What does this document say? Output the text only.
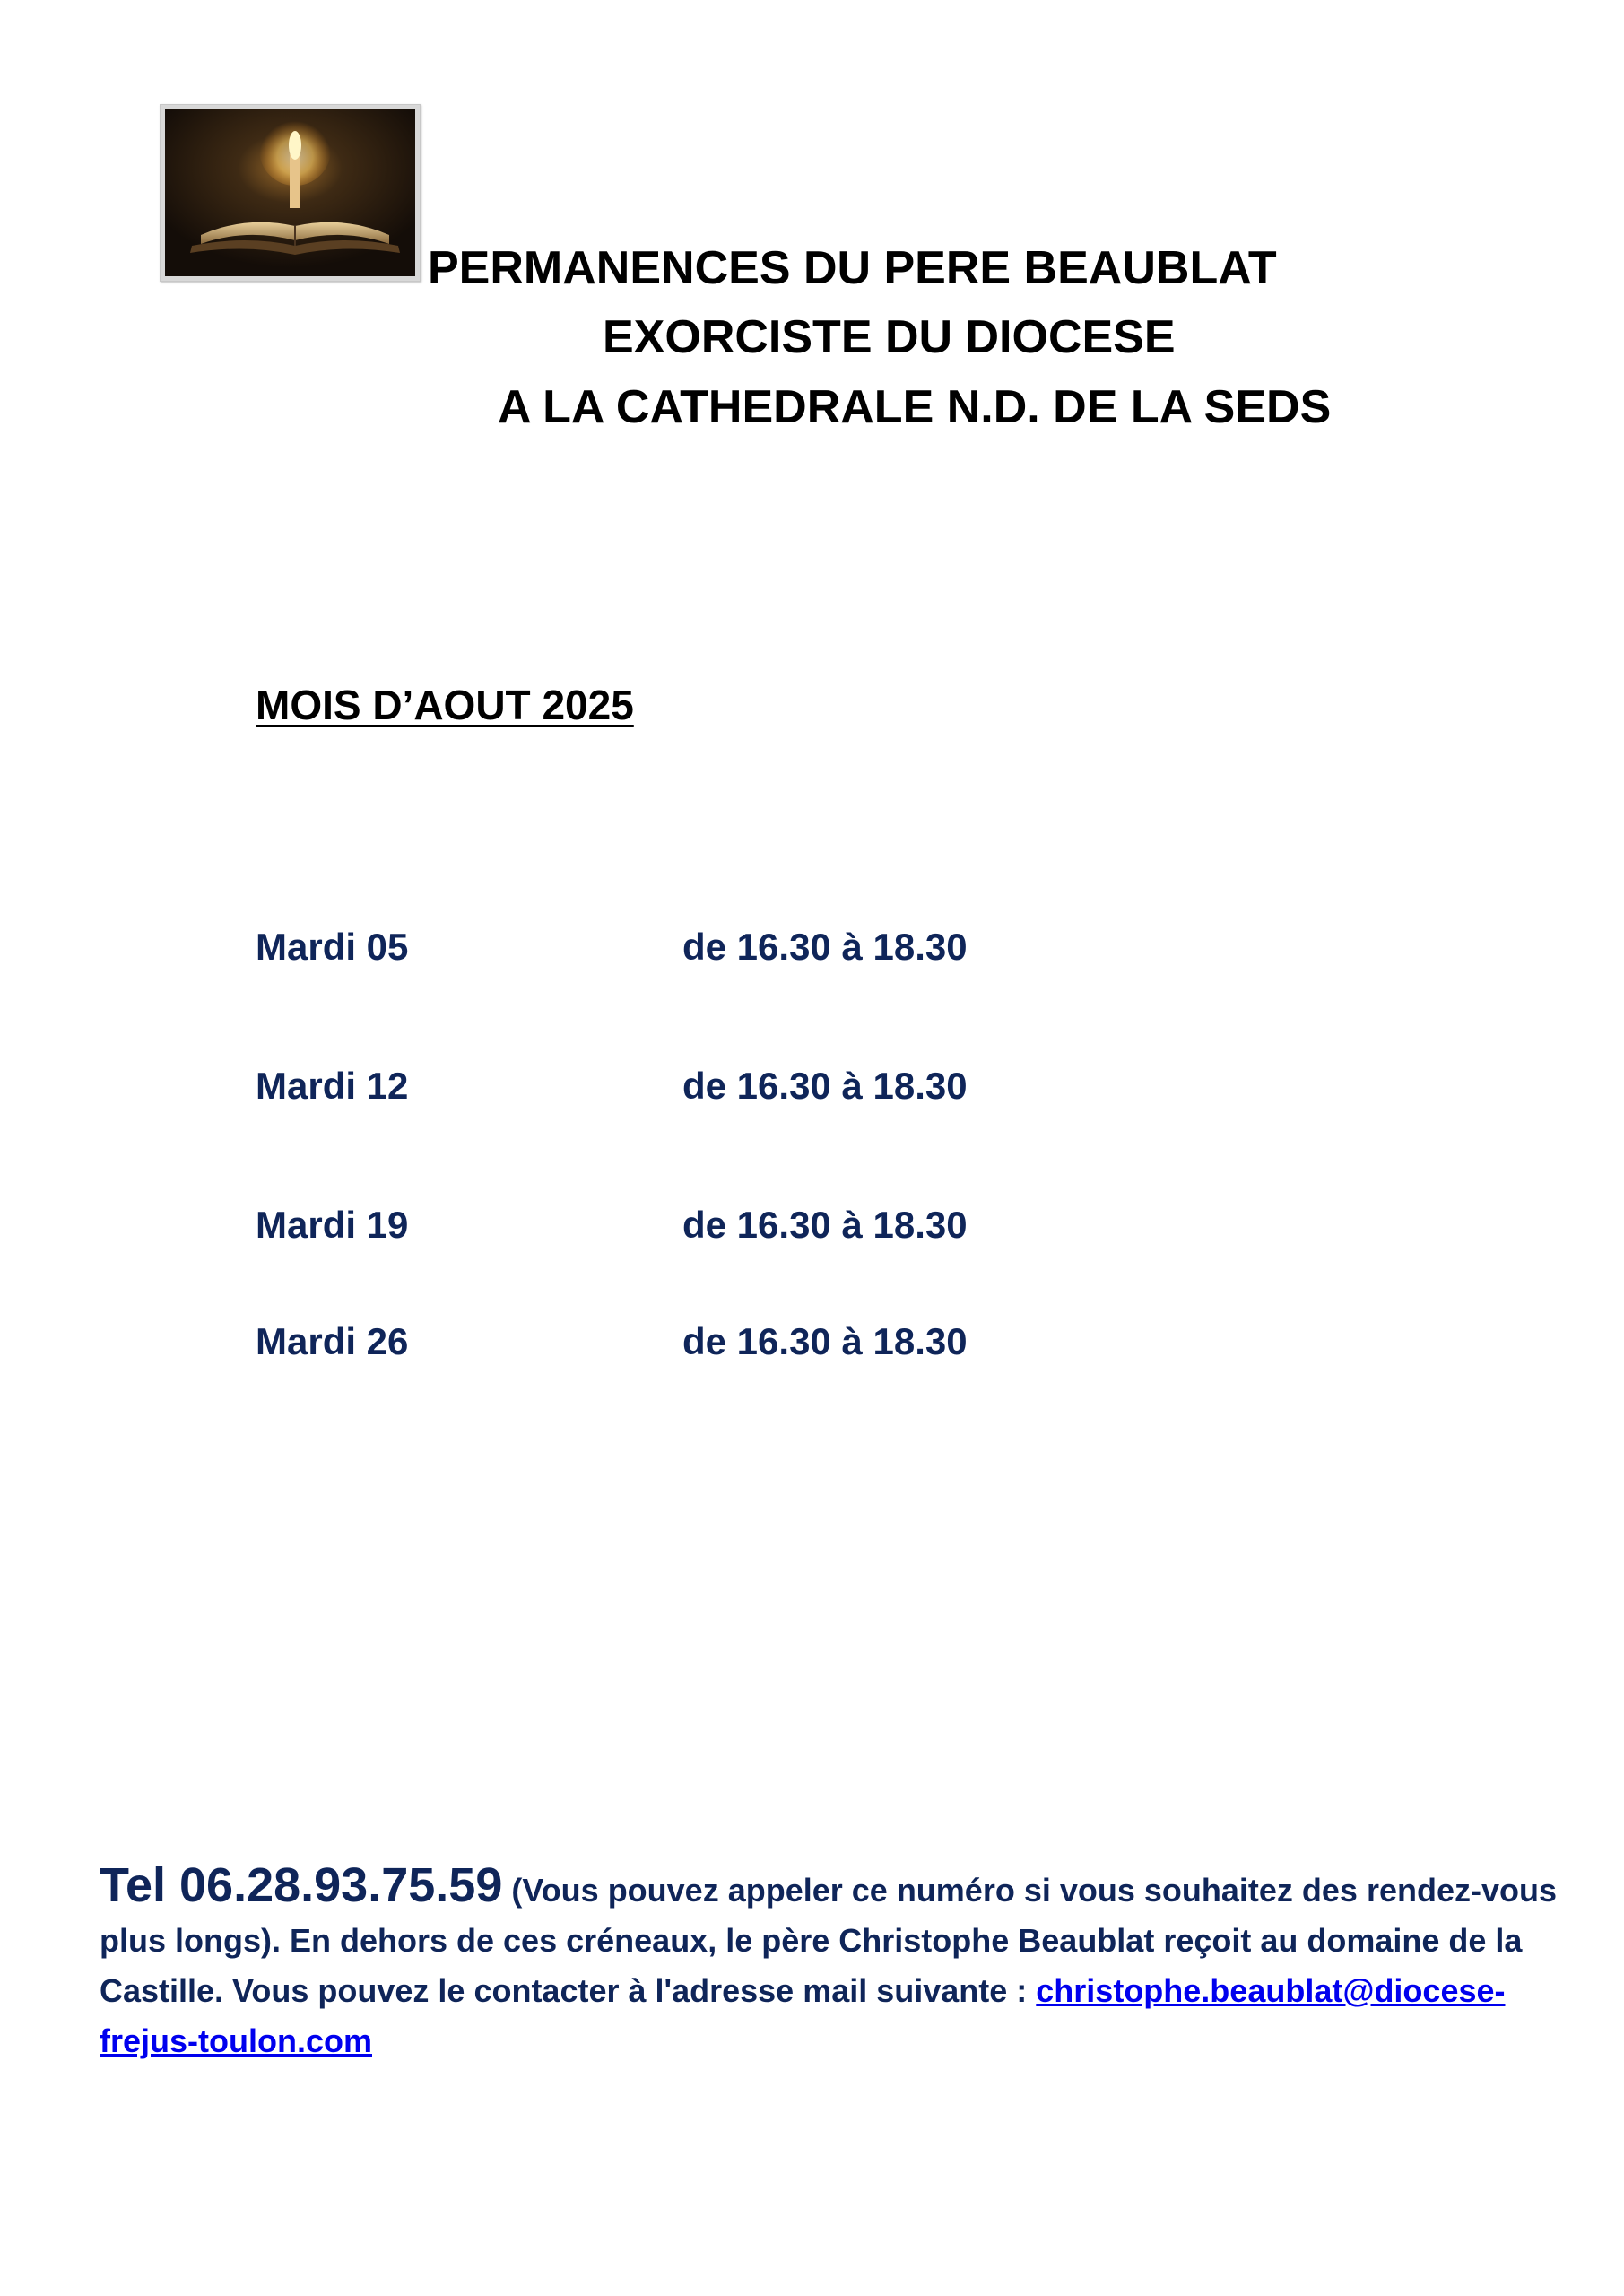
PERMANENCES DU PERE BEAUBLAT
EXORCISTE DU DIOCESE
A LA CATHEDRALE N.D. DE LA SEDS
MOIS D’AOUT 2025
Mardi 05	de 16.30 à 18.30
Mardi 12	de 16.30 à 18.30
Mardi 19	de 16.30 à 18.30
Mardi 26	de 16.30 à 18.30
Tel 06.28.93.75.59 (Vous pouvez appeler ce numéro si vous souhaitez des rendez-vous plus longs). En dehors de ces créneaux, le père Christophe Beaublat reçoit au domaine de la Castille. Vous pouvez le contacter à l'adresse mail suivante : christophe.beaublat@diocese-frejus-toulon.com
